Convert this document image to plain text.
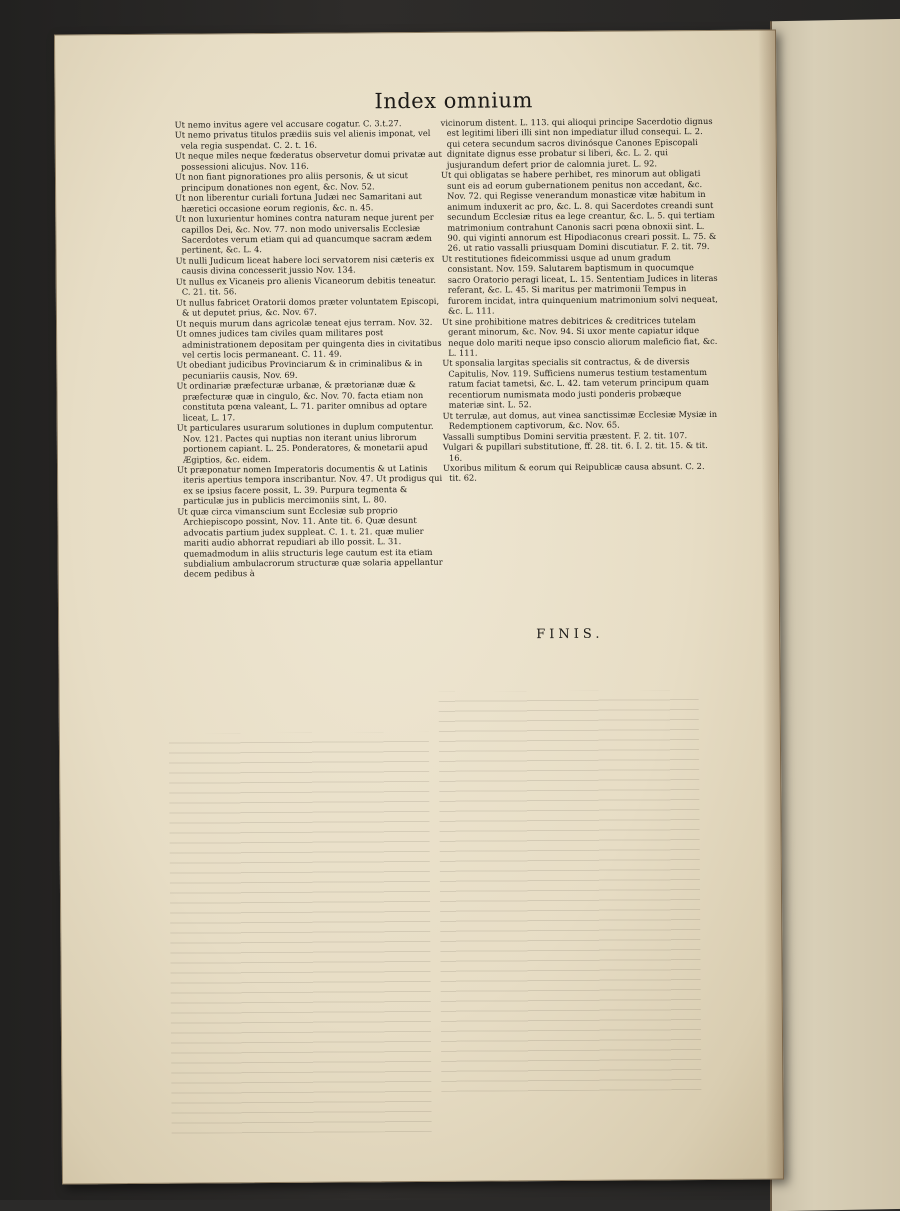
Index omnium

Ut nemo invitus agere vel accusare cogatur. C. 3.t.27.

Ut nemo privatus titulos prædiis suis vel alienis imponat, vel vela regia suspendat. C. 2. t. 16.

Ut neque miles neque fœderatus observetur domui privatæ aut possessioni alicujus. Nov. 116.

Ut non fiant pignorationes pro aliis personis, & ut sicut principum donationes non egent, &c. Nov. 52.

Ut non liberentur curiali fortuna Judæi nec Samaritani aut hæretici occasione eorum regionis, &c. n. 45.

Ut non luxurientur homines contra naturam neque jurent per capillos Dei, &c. Nov. 77. non modo universalis Ecclesiæ Sacerdotes verum etiam qui ad quancumque sacram ædem pertinent, &c. L. 4.

Ut nulli Judicum liceat habere loci servatorem nisi cæteris ex causis divina concesserit jussio Nov. 134.

Ut nullus ex Vicaneis pro alienis Vicaneorum debitis teneatur. C. 21. tit. 56.

Ut nullus fabricet Oratorii domos præter voluntatem Episcopi, & ut deputet prius, &c. Nov. 67.

Ut nequis murum dans agricolæ teneat ejus terram. Nov. 32.

Ut omnes judices tam civiles quam militares post administrationem depositam per quingenta dies in civitatibus vel certis locis permaneant. C. 11. 49.

Ut obediant judicibus Provinciarum & in criminalibus & in pecuniariis causis, Nov. 69.

Ut ordinariæ præfecturæ urbanæ, & prætorianæ duæ & præfecturæ quæ in cingulo, &c. Nov. 70. facta etiam non constituta pœna valeant, L. 71. pariter omnibus ad optare liceat, L. 17.

Ut particulares usurarum solutiones in duplum computentur. Nov. 121. Pactes qui nuptias non iterant unius librorum portionem capiant. L. 25. Ponderatores, & monetarii apud Ægiptios, &c. eidem.

Ut præponatur nomen Imperatoris documentis & ut Latinis iteris apertius tempora inscribantur. Nov. 47. Ut prodigus qui ex se ipsius facere possit, L. 39. Purpura tegmenta & particulæ jus in publicis mercimoniis sint, L. 80.

Ut quæ circa vimanscium sunt Ecclesiæ sub proprio Archiepiscopo possint, Nov. 11. Ante tit. 6. Quæ desunt advocatis partium judex suppleat. C. 1. t. 21. quæ mulier mariti audio abhorrat repudiari ab illo possit. L. 31. quemadmodum in aliis structuris lege cautum est ita etiam subdialium ambulacrorum structuræ quæ solaria appellantur decem pedibus à

vicinorum distent. L. 113. qui alioqui principe Sacerdotio dignus est legitimi liberi illi sint non impediatur illud consequi. L. 2. qui cetera secundum sacros divinósque Canones Episcopali dignitate dignus esse probatur si liberi, &c. L. 2. qui jusjurandum defert prior de calomnia juret. L. 92.

Ut qui obligatas se habere perhibet, res minorum aut obligati sunt eis ad eorum gubernationem penitus non accedant, &c. Nov. 72. qui Regisse venerandum monasticæ vitæ habitum in animum induxerit ac pro, &c. L. 8. qui Sacerdotes creandi sunt secundum Ecclesiæ ritus ea lege creantur, &c. L. 5. qui tertiam matrimonium contrahunt Canonis sacri pœna obnoxii sint. L. 90. qui viginti annorum est Hipodiaconus creari possit. L. 75. & 26. ut ratio vassalli priusquam Domini discutiatur. F. 2. tit. 79.

Ut restitutiones fideicommissi usque ad unum gradum consistant. Nov. 159. Salutarem baptismum in quocumque sacro Oratorio peragi liceat, L. 15. Sententiam Judices in literas referant, &c. L. 45. Si maritus per matrimonii Tempus in furorem incidat, intra quinquenium matrimonium solvi nequeat, &c. L. 111.

Ut sine prohibitione matres debitrices & creditrices tutelam gerant minorum, &c. Nov. 94. Si uxor mente capiatur idque neque dolo mariti neque ipso conscio aliorum maleficio fiat, &c. L. 111.

Ut sponsalia largitas specialis sit contractus, & de diversis Capitulis, Nov. 119. Sufficiens numerus testium testamentum ratum faciat tametsi, &c. L. 42. tam veterum principum quam recentiorum numismata modo justi ponderis probæque materiæ sint. L. 52.

Ut terrulæ, aut domus, aut vinea sanctissimæ Ecclesiæ Mysiæ in Redemptionem captivorum, &c. Nov. 65.

Vassalli sumptibus Domini servitia præstent. F. 2. tit. 107.

Vulgari & pupillari substitutione, ff. 28. tit. 6. I. 2. tit. 15. & tit. 16.

Uxoribus militum & eorum qui Reipublicæ causa absunt. C. 2. tit. 62.

FINIS.
